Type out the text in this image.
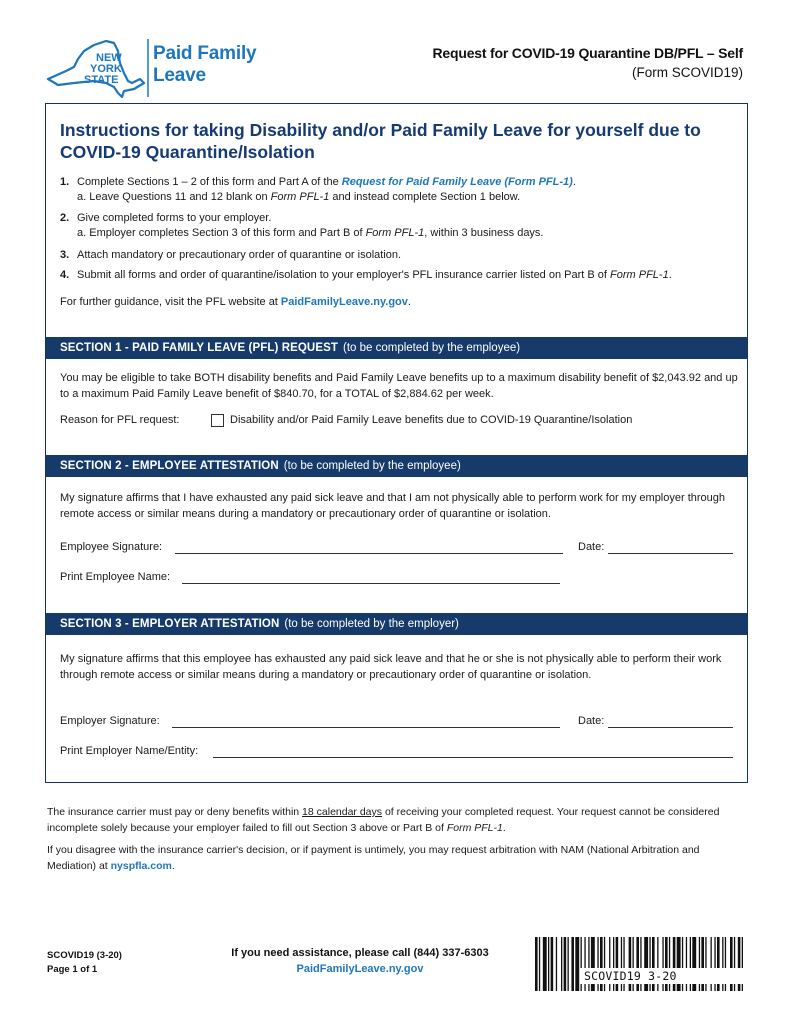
NEW
YORK
STATE
Paid Family
Leave
Request for COVID-19 Quarantine DB/PFL – Self
(Form SCOVID19)
Instructions for taking Disability and/or Paid Family Leave for yourself due to COVID-19 Quarantine/Isolation
1. Complete Sections 1 – 2 of this form and Part A of the Request for Paid Family Leave (Form PFL-1).
a. Leave Questions 11 and 12 blank on Form PFL-1 and instead complete Section 1 below.
2. Give completed forms to your employer.
a. Employer completes Section 3 of this form and Part B of Form PFL-1, within 3 business days.
3. Attach mandatory or precautionary order of quarantine or isolation.
4. Submit all forms and order of quarantine/isolation to your employer's PFL insurance carrier listed on Part B of Form PFL-1.
For further guidance, visit the PFL website at PaidFamilyLeave.ny.gov.
SECTION 1 - PAID FAMILY LEAVE (PFL) REQUEST (to be completed by the employee)
You may be eligible to take BOTH disability benefits and Paid Family Leave benefits up to a maximum disability benefit of $2,043.92 and up to a maximum Paid Family Leave benefit of $840.70, for a TOTAL of $2,884.62 per week.
Reason for PFL request:	Disability and/or Paid Family Leave benefits due to COVID-19 Quarantine/Isolation
SECTION 2 - EMPLOYEE ATTESTATION (to be completed by the employee)
My signature affirms that I have exhausted any paid sick leave and that I am not physically able to perform work for my employer through remote access or similar means during a mandatory or precautionary order of quarantine or isolation.
Employee Signature:	Date:
Print Employee Name:
SECTION 3 - EMPLOYER ATTESTATION (to be completed by the employer)
My signature affirms that this employee has exhausted any paid sick leave and that he or she is not physically able to perform their work through remote access or similar means during a mandatory or precautionary order of quarantine or isolation.
Employer Signature:	Date:
Print Employer Name/Entity:
The insurance carrier must pay or deny benefits within 18 calendar days of receiving your completed request. Your request cannot be considered incomplete solely because your employer failed to fill out Section 3 above or Part B of Form PFL-1.
If you disagree with the insurance carrier's decision, or if payment is untimely, you may request arbitration with NAM (National Arbitration and Mediation) at nyspfla.com.
SCOVID19 (3-20)
Page 1 of 1
If you need assistance, please call (844) 337-6303
PaidFamilyLeave.ny.gov	SCOVID19 3-20
